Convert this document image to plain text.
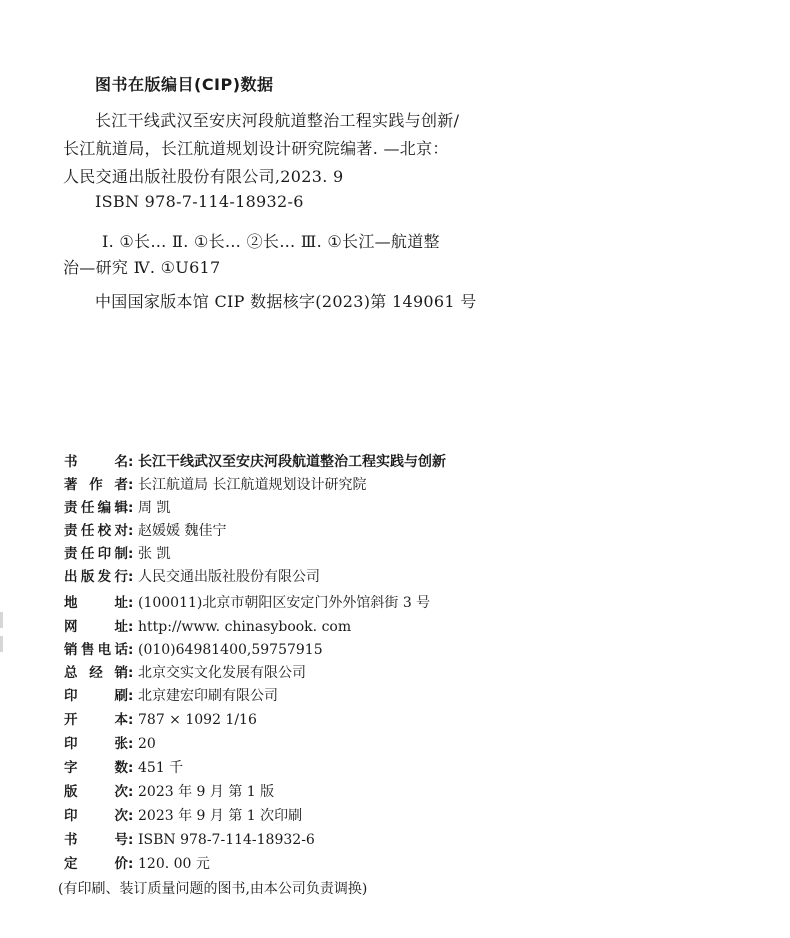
图书在版编目(CIP)数据
长江干线武汉至安庆河段航道整治工程实践与创新/
长江航道局，长江航道规划设计研究院编著. —北京：
人民交通出版社股份有限公司,2023. 9
ISBN 978-7-114-18932-6
Ⅰ. ①长… Ⅱ. ①长… ②长… Ⅲ. ①长江—航道整
治—研究 Ⅳ. ①U617
中国国家版本馆 CIP 数据核字(2023)第 149061 号
书名: 长江干线武汉至安庆河段航道整治工程实践与创新
著作者: 长江航道局 长江航道规划设计研究院
责任编辑: 周 凯
责任校对: 赵媛媛 魏佳宁
责任印制: 张 凯
出版发行: 人民交通出版社股份有限公司
地址: (100011)北京市朝阳区安定门外外馆斜街 3 号
网址: http://www. chinasybook. com
销售电话: (010)64981400,59757915
总经销: 北京交实文化发展有限公司
印刷: 北京建宏印刷有限公司
开本: 787 × 1092 1/16
印张: 20
字数: 451 千
版次: 2023 年 9 月 第 1 版
印次: 2023 年 9 月 第 1 次印刷
书号: ISBN 978-7-114-18932-6
定价: 120. 00 元
(有印刷、装订质量问题的图书,由本公司负责调换)
